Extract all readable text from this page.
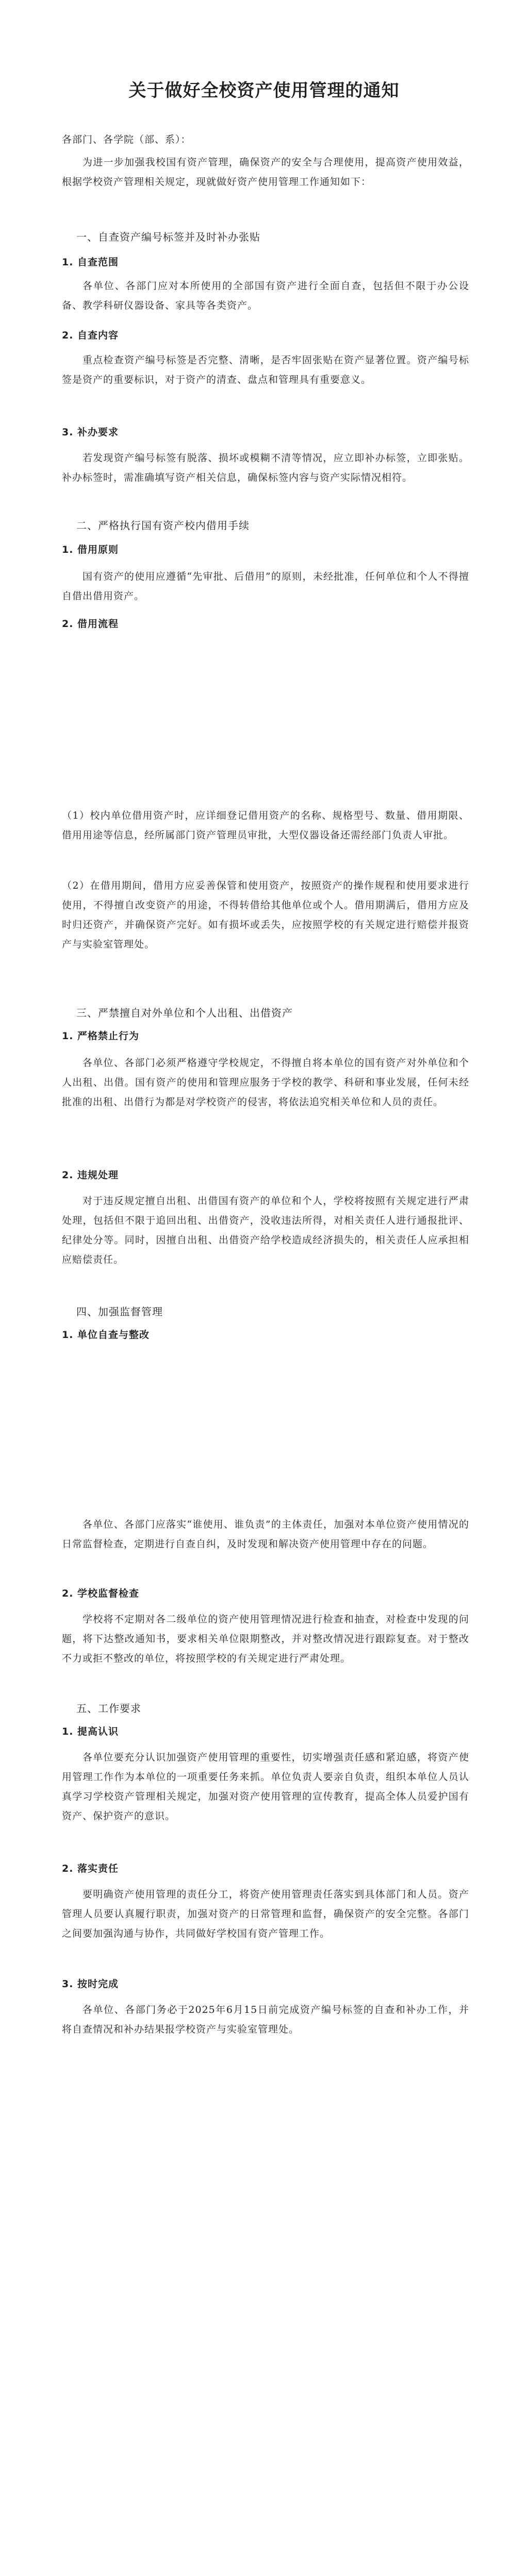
关于做好全校资产使用管理的通知
各部门、各学院（部、系）：
为进一步加强我校国有资产管理，确保资产的安全与合理使用，提高资产使用效益，根据学校资产管理相关规定，现就做好资产使用管理工作通知如下：
一、自查资产编号标签并及时补办张贴
1. 自查范围
各单位、各部门应对本所使用的全部国有资产进行全面自查，包括但不限于办公设备、教学科研仪器设备、家具等各类资产。
2. 自查内容
重点检查资产编号标签是否完整、清晰，是否牢固张贴在资产显著位置。资产编号标签是资产的重要标识，对于资产的清查、盘点和管理具有重要意义。
3. 补办要求
若发现资产编号标签有脱落、损坏或模糊不清等情况，应立即补办标签，立即张贴。补办标签时，需准确填写资产相关信息，确保标签内容与资产实际情况相符。
二、严格执行国有资产校内借用手续
1. 借用原则
国有资产的使用应遵循“先审批、后借用”的原则，未经批准，任何单位和个人不得擅自借出借用资产。
2. 借用流程
（1）校内单位借用资产时，应详细登记借用资产的名称、规格型号、数量、借用期限、借用用途等信息，经所属部门资产管理员审批，大型仪器设备还需经部门负责人审批。
（2）在借用期间，借用方应妥善保管和使用资产，按照资产的操作规程和使用要求进行使用，不得擅自改变资产的用途，不得转借给其他单位或个人。借用期满后，借用方应及时归还资产，并确保资产完好。如有损坏或丢失，应按照学校的有关规定进行赔偿并报资产与实验室管理处。
三、严禁擅自对外单位和个人出租、出借资产
1. 严格禁止行为
各单位、各部门必须严格遵守学校规定，不得擅自将本单位的国有资产对外单位和个人出租、出借。国有资产的使用和管理应服务于学校的教学、科研和事业发展，任何未经批准的出租、出借行为都是对学校资产的侵害，将依法追究相关单位和人员的责任。
2. 违规处理
对于违反规定擅自出租、出借国有资产的单位和个人，学校将按照有关规定进行严肃处理，包括但不限于追回出租、出借资产，没收违法所得，对相关责任人进行通报批评、纪律处分等。同时，因擅自出租、出借资产给学校造成经济损失的，相关责任人应承担相应赔偿责任。
四、加强监督管理
1. 单位自查与整改
各单位、各部门应落实“谁使用、谁负责”的主体责任，加强对本单位资产使用情况的日常监督检查，定期进行自查自纠，及时发现和解决资产使用管理中存在的问题。
2. 学校监督检查
学校将不定期对各二级单位的资产使用管理情况进行检查和抽查，对检查中发现的问题，将下达整改通知书，要求相关单位限期整改，并对整改情况进行跟踪复查。对于整改不力或拒不整改的单位，将按照学校的有关规定进行严肃处理。
五、工作要求
1. 提高认识
各单位要充分认识加强资产使用管理的重要性，切实增强责任感和紧迫感，将资产使用管理工作作为本单位的一项重要任务来抓。单位负责人要亲自负责，组织本单位人员认真学习学校资产管理相关规定，加强对资产使用管理的宣传教育，提高全体人员爱护国有资产、保护资产的意识。
2. 落实责任
要明确资产使用管理的责任分工，将资产使用管理责任落实到具体部门和人员。资产管理人员要认真履行职责，加强对资产的日常管理和监督，确保资产的安全完整。各部门之间要加强沟通与协作，共同做好学校国有资产管理工作。
3. 按时完成
各单位、各部门务必于2025年6月15日前完成资产编号标签的自查和补办工作，并将自查情况和补办结果报学校资产与实验室管理处。
